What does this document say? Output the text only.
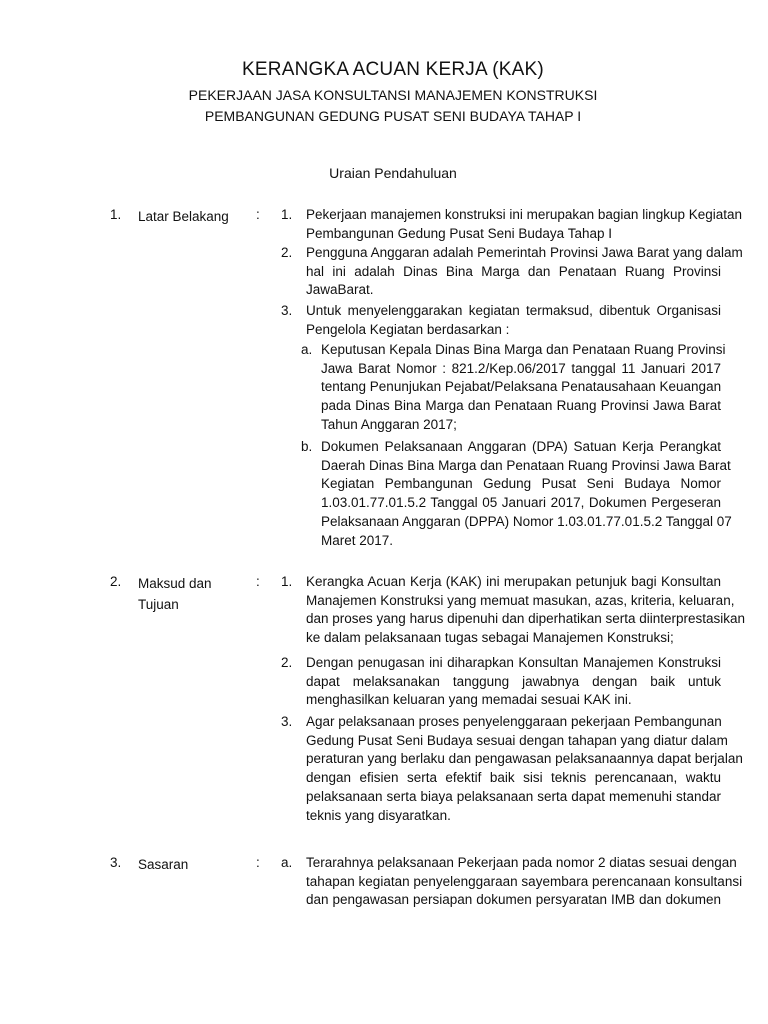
KERANGKA ACUAN KERJA (KAK)
PEKERJAAN JASA KONSULTANSI MANAJEMEN KONSTRUKSI
PEMBANGUNAN GEDUNG PUSAT SENI BUDAYA TAHAP I
Uraian Pendahuluan
1. Latar Belakang	: 1. Pekerjaan manajemen konstruksi ini merupakan bagian lingkup Kegiatan
Pembangunan Gedung Pusat Seni Budaya Tahap I
2. Pengguna Anggaran adalah Pemerintah Provinsi Jawa Barat yang dalam
hal ini adalah Dinas Bina Marga dan Penataan Ruang Provinsi
JawaBarat.
3. Untuk menyelenggarakan kegiatan termaksud, dibentuk Organisasi
Pengelola Kegiatan berdasarkan :
a. Keputusan Kepala Dinas Bina Marga dan Penataan Ruang Provinsi
Jawa Barat Nomor : 821.2/Kep.06/2017 tanggal 11 Januari 2017
tentang Penunjukan Pejabat/Pelaksana Penatausahaan Keuangan
pada Dinas Bina Marga dan Penataan Ruang Provinsi Jawa Barat
Tahun Anggaran 2017;
b. Dokumen Pelaksanaan Anggaran (DPA) Satuan Kerja Perangkat
Daerah Dinas Bina Marga dan Penataan Ruang Provinsi Jawa Barat
Kegiatan Pembangunan Gedung Pusat Seni Budaya Nomor
1.03.01.77.01.5.2 Tanggal 05 Januari 2017, Dokumen Pergeseran
Pelaksanaan Anggaran (DPPA) Nomor 1.03.01.77.01.5.2 Tanggal 07
Maret 2017.
2. Maksud dan Tujuan
: 1. Kerangka Acuan Kerja (KAK) ini merupakan petunjuk bagi Konsultan
Manajemen Konstruksi yang memuat masukan, azas, kriteria, keluaran,
dan proses yang harus dipenuhi dan diperhatikan serta diinterprestasikan
ke dalam pelaksanaan tugas sebagai Manajemen Konstruksi;
2. Dengan penugasan ini diharapkan Konsultan Manajemen Konstruksi
dapat melaksanakan tanggung jawabnya dengan baik untuk
menghasilkan keluaran yang memadai sesuai KAK ini.
3. Agar pelaksanaan proses penyelenggaraan pekerjaan Pembangunan
Gedung Pusat Seni Budaya sesuai dengan tahapan yang diatur dalam
peraturan yang berlaku dan pengawasan pelaksanaannya dapat berjalan
dengan efisien serta efektif baik sisi teknis perencanaan, waktu
pelaksanaan serta biaya pelaksanaan serta dapat memenuhi standar
teknis yang disyaratkan.
3. Sasaran	: a. Terarahnya pelaksanaan Pekerjaan pada nomor 2 diatas sesuai dengan
tahapan kegiatan penyelenggaraan sayembara perencanaan konsultansi
dan pengawasan persiapan dokumen persyaratan IMB dan dokumen
